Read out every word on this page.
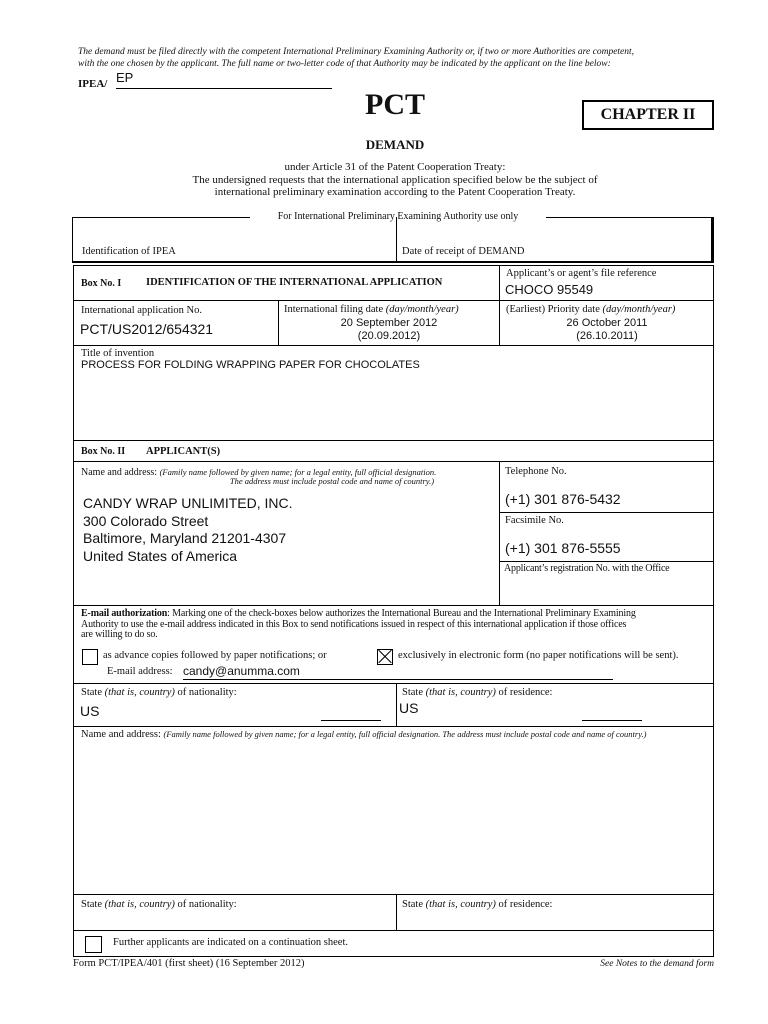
The demand must be filed directly with the competent International Preliminary Examining Authority or, if two or more Authorities are competent,
with the one chosen by the applicant. The full name or two-letter code of that Authority may be indicated by the applicant on the line below:
IPEA/ EP
PCT	CHAPTER II
DEMAND
under Article 31 of the Patent Cooperation Treaty:
The undersigned requests that the international application specified below be the subject of
international preliminary examination according to the Patent Cooperation Treaty.
For International Preliminary Examining Authority use only
Identification of IPEA	Date of receipt of DEMAND
Box No. I IDENTIFICATION OF THE INTERNATIONAL APPLICATION
Applicant’s or agent’s file reference
CHOCO 95549
International application No.
PCT/US2012/654321
International filing date (day/month/year)
20 September 2012
(20.09.2012)
(Earliest) Priority date (day/month/year)
26 October 2011
(26.10.2011)
Title of invention
PROCESS FOR FOLDING WRAPPING PAPER FOR CHOCOLATES
Box No. II APPLICANT(S)
Name and address: (Family name followed by given name; for a legal entity, full official designation.
The address must include postal code and name of country.)
CANDY WRAP UNLIMITED, INC.
300 Colorado Street
Baltimore, Maryland 21201-4307
United States of America
Telephone No.
(+1) 301 876-5432
Facsimile No.
(+1) 301 876-5555
Applicant’s registration No. with the Office
E-mail authorization: Marking one of the check-boxes below authorizes the International Bureau and the International Preliminary Examining
Authority to use the e-mail address indicated in this Box to send notifications issued in respect of this international application if those offices
are willing to do so.
as advance copies followed by paper notifications; or	exclusively in electronic form (no paper notifications will be sent).
E-mail address: candy@anumma.com
State (that is, country) of nationality:
US
State (that is, country) of residence:
US
Name and address: (Family name followed by given name; for a legal entity, full official designation. The address must include postal code and name of country.)
State (that is, country) of nationality:	State (that is, country) of residence:
Further applicants are indicated on a continuation sheet.
Form PCT/IPEA/401 (first sheet) (16 September 2012)	See Notes to the demand form
